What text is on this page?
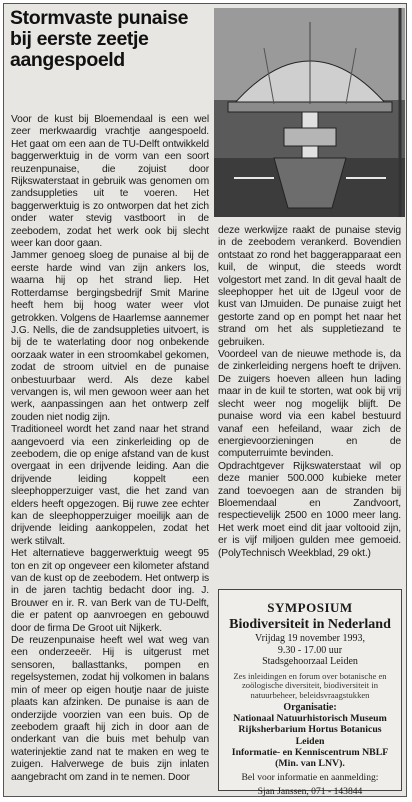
Stormvaste punaise
bij eerste zeetje
aangespoeld

Voor de kust bij Bloemendaal is een wel zeer merkwaardig vrachtje aangespoeld. Het gaat om een aan de TU-Delft ontwikkeld baggerwerktuig in de vorm van een soort reuzenpunaise, die zojuist door Rijkswaterstaat in gebruik was genomen om zandsuppleties uit te voeren. Het baggerwerktuig is zo ontworpen dat het zich onder water stevig vastboort in de zeebodem, zodat het werk ook bij slecht weer kan door gaan.

Jammer genoeg sloeg de punaise al bij de eerste harde wind van zijn ankers los, waarna hij op het strand liep. Het Rotterdamse bergingsbedrijf Smit Marine heeft hem bij hoog water weer vlot getrokken. Volgens de Haarlemse aannemer J.G. Nells, die de zandsuppleties uitvoert, is bij de te waterlating door nog onbekende oorzaak water in een stroomkabel gekomen, zodat de stroom uitviel en de punaise onbestuurbaar werd. Als deze kabel vervangen is, wil men gewoon weer aan het werk, aanpassingen aan het ontwerp zelf zouden niet nodig zijn.

Traditioneel wordt het zand naar het strand aangevoerd via een zinkerleiding op de zeebodem, die op enige afstand van de kust overgaat in een drijvende leiding. Aan die drijvende leiding koppelt een sleephopperzuiger vast, die het zand van elders heeft opgezogen. Bij ruwe zee echter kan de sleephopperzuiger moeilijk aan de drijvende leiding aankoppelen, zodat het werk stilvalt.

Het alternatieve baggerwerktuig weegt 95 ton en zit op ongeveer een kilometer afstand van de kust op de zeebodem. Het ontwerp is in de jaren tachtig bedacht door ing. J. Brouwer en ir. R. van Berk van de TU-Delft, die er patent op aanvroegen en gebouwd door de firma De Groot uit Nijkerk.

De reuzenpunaise heeft wel wat weg van een onderzeeër. Hij is uitgerust met sensoren, ballasttanks, pompen en regelsystemen, zodat hij volkomen in balans min of meer op eigen houtje naar de juiste plaats kan afzinken. De punaise is aan de onderzijde voorzien van een buis. Op de zeebodem graaft hij zich in door aan de onderkant van die buis met behulp van waterinjektie zand nat te maken en weg te zuigen. Halverwege de buis zijn inlaten aangebracht om zand in te nemen. Door

deze werkwijze raakt de punaise stevig in de zeebodem verankerd. Bovendien ontstaat zo rond het baggerapparaat een kuil, de winput, die steeds wordt volgestort met zand. In dit geval haalt de sleephopper het uit de IJgeul voor de kust van IJmuiden. De punaise zuigt het gestorte zand op en pompt het naar het strand om het als suppletiezand te gebruiken.

Voordeel van de nieuwe methode is, da de zinkerleiding nergens hoeft te drijven. De zuigers hoeven alleen hun lading maar in de kuil te storten, wat ook bij vrij slecht weer nog mogelijk blijft. De punaise word via een kabel bestuurd vanaf een hefeiland, waar zich de energievoorzieningen en de computerruimte bevinden.

Opdrachtgever Rijkswaterstaat wil op deze manier 500.000 kubieke meter zand toevoegen aan de stranden bij Bloemendaal en Zandvoort, respectievelijk 2500 en 1000 meer lang. Het werk moet eind dit jaar voltooid zijn, er is vijf miljoen gulden mee gemoeid. (PolyTechnisch Weekblad, 29 okt.)

SYMPOSIUM
Biodiversiteit in Nederland
Vrijdag 19 november 1993,
9.30 - 17.00 uur
Stadsgehoorzaal Leiden
Zes inleidingen en forum over botanische en zoölogische diversiteit, biodiversiteit in natuurbeheer, beleidsvraagstukken
Organisatie:
Nationaal Natuurhistorisch Museum
Rijksherbarium Hortus Botanicus
Leiden
Informatie- en Kenniscentrum NBLF
(Min. van LNV).
Bel voor informatie en aanmelding:
Sjan Janssen, 071 - 143844
